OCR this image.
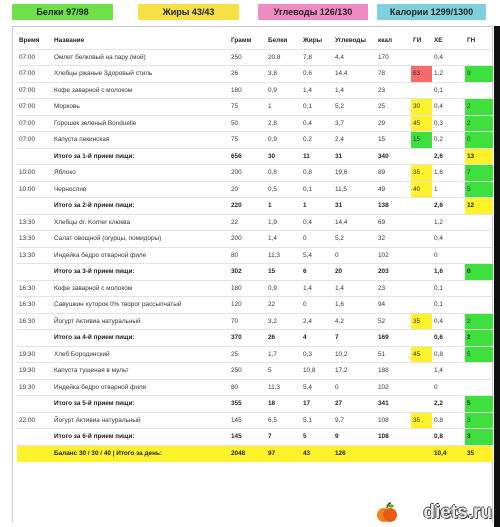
Белки 97/98	Жиры 43/43	Углеводы 126/130	Калории 1299/1300
Время	Название	Грамм	Белки	Жиры	Углеводы	ккал	ГИ	ХЕ	ГН
07:00	Омлет белковый на пару (мой)	250	20,8	7,8	4,4	170		0,4	
07:00	Хлебцы ржаные Здоровый стиль	26	3,8	0,6	14,4	78	63	1,2	9
07:00	Кофе заварной с молоком	180	0,9	1,4	1,4	23		0,1	
07:00	Морковь	75	1	0,1	5,2	25	30	0,4	2
07:00	Горошек зеленый Bonduelle	50	2,8	0,4	3,7	29	45	0,3	2
07:00	Капуста пекинская	75	0,9	0,2	2,4	15	15	0,2	0
	Итого за 1-й прием пищи:	656	30	11	31	340		2,6	13
10:00	Яблоко	200	0,8	0,8	19,6	89	35	1,6	7
10:00	Чернослив	20	0,5	0,1	11,5	49	40	1	5
	Итого за 2-й прием пищи:	220	1	1	31	138		2,6	12
13:30	Хлебцы dr. Korner клюква	22	1,9	0,4	14,4	69		1,2	
13:30	Салат овощной (огурцы, помидоры)	200	1,4	0	5,2	32		0,4	
13:30	Индейка бедро отварной филе	80	11,3	5,4	0	102		0	
	Итого за 3-й прием пищи:	302	15	6	20	203		1,6	0
16:30	Кофе заварной с молоком	180	0,9	1,4	1,4	23		0,1	
16:30	Савушкин хуторок 0% творог рассыпчатый	120	22	0	1,6	94		0,1	
16:30	Йогурт Активиа натуральный	70	3,2	2,4	4,2	52	35	0,4	2
	Итого за 4-й прием пищи:	370	26	4	7	169		0,6	2
19:30	Хлеб Бородинский	25	1,7	0,3	10,2	51	45	0,8	5
19:30	Капуста тушеная в мульт	250	5	10,8	17,2	188		1,4	
19:30	Индейка бедро отварной филе	80	11,3	5,4	0	102		0	
	Итого за 5-й прием пищи:	355	18	17	27	341		2,2	5
22:00	Йогурт Активиа натуральный	145	6,5	5,1	9,7	108	35	0,8	3
	Итого за 6-й прием пищи:	145	7	5	9	108		0,8	3
	Баланс 30 / 30 / 40 | Итого за день:	2048	97	43	126			10,4	35
diets.ru
